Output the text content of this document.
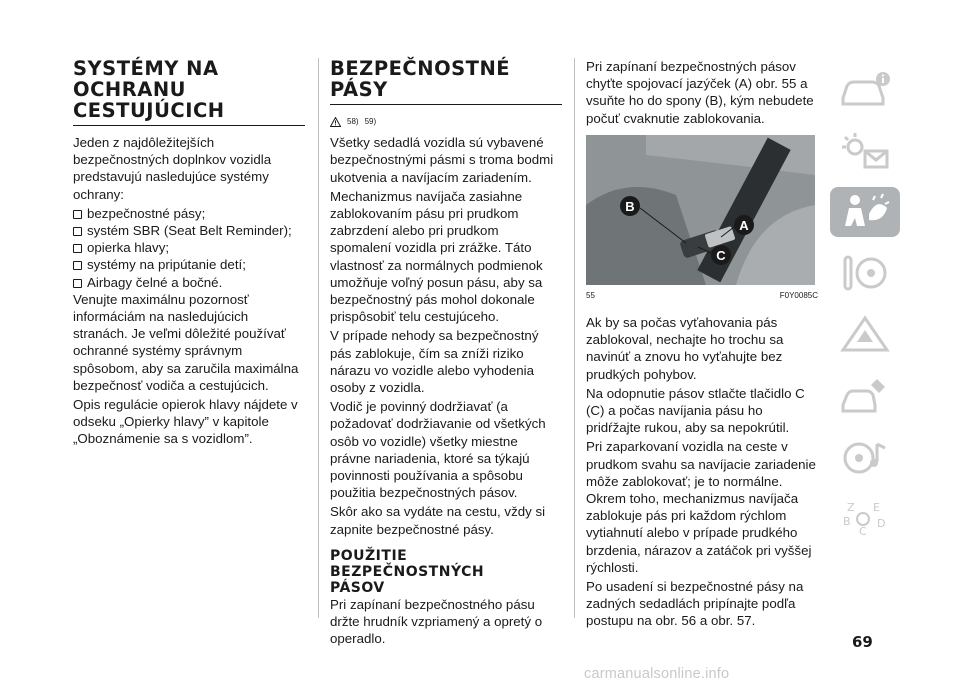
SYSTÉMY NA
OCHRANU
CESTUJÚCICH

Jeden z najdôležitejších bezpečnostných doplnkov vozidla predstavujú nasledujúce systémy ochrany:

bezpečnostné pásy;
systém SBR (Seat Belt Reminder);
opierka hlavy;
systémy na pripútanie detí;
Airbagy čelné a bočné.

Venujte maximálnu pozornosť informáciám na nasledujúcich stranách. Je veľmi dôležité používať ochranné systémy správnym spôsobom, aby sa zaručila maximálna bezpečnosť vodiča a cestujúcich.

Opis regulácie opierok hlavy nájdete v odseku „Opierky hlavy” v kapitole „Oboznámenie sa s vozidlom”.

BEZPEČNOSTNÉ
PÁSY
58) 59)

Všetky sedadlá vozidla sú vybavené bezpečnostnými pásmi s troma bodmi ukotvenia a navíjacím zariadením.

Mechanizmus navíjača zasiahne zablokovaním pásu pri prudkom zabrzdení alebo pri prudkom spomalení vozidla pri zrážke. Táto vlastnosť za normálnych podmienok umožňuje voľný posun pásu, aby sa bezpečnostný pás mohol dokonale prispôsobiť telu cestujúceho.

V prípade nehody sa bezpečnostný pás zablokuje, čím sa zníži riziko nárazu vo vozidle alebo vyhodenia osoby z vozidla.

Vodič je povinný dodržiavať (a požadovať dodržiavanie od všetkých osôb vo vozidle) všetky miestne právne nariadenia, ktoré sa týkajú povinnosti používania a spôsobu použitia bezpečnostných pásov.

Skôr ako sa vydáte na cestu, vždy si zapnite bezpečnostné pásy.

POUŽITIE
BEZPEČNOSTNÝCH
PÁSOV

Pri zapínaní bezpečnostného pásu držte hrudník vzpriamený a opretý o operadlo.

Pri zapínaní bezpečnostných pásov chyťte spojovací jazýček (A) obr. 55 a vsuňte ho do spony (B), kým nebudete počuť cvaknutie zablokovania.

B
A
C
55	F0Y0085C

Ak by sa počas vyťahovania pás zablokoval, nechajte ho trochu sa navinúť a znovu ho vyťahujte bez prudkých pohybov.

Na odopnutie pásov stlačte tlačidlo C (C) a počas navíjania pásu ho pridŕžajte rukou, aby sa nepokrútil.

Pri zaparkovaní vozidla na ceste v prudkom svahu sa navíjacie zariadenie môže zablokovať; je to normálne. Okrem toho, mechanizmus navíjača zablokuje pás pri každom rýchlom vytiahnutí alebo v prípade prudkého brzdenia, nárazov a zatáčok pri vyššej rýchlosti.

Po usadení si bezpečnostné pásy na zadných sedadlách pripínajte podľa postupu na obr. 56 a obr. 57.

Z E
B
C
D
69
carmanualsonline.info
